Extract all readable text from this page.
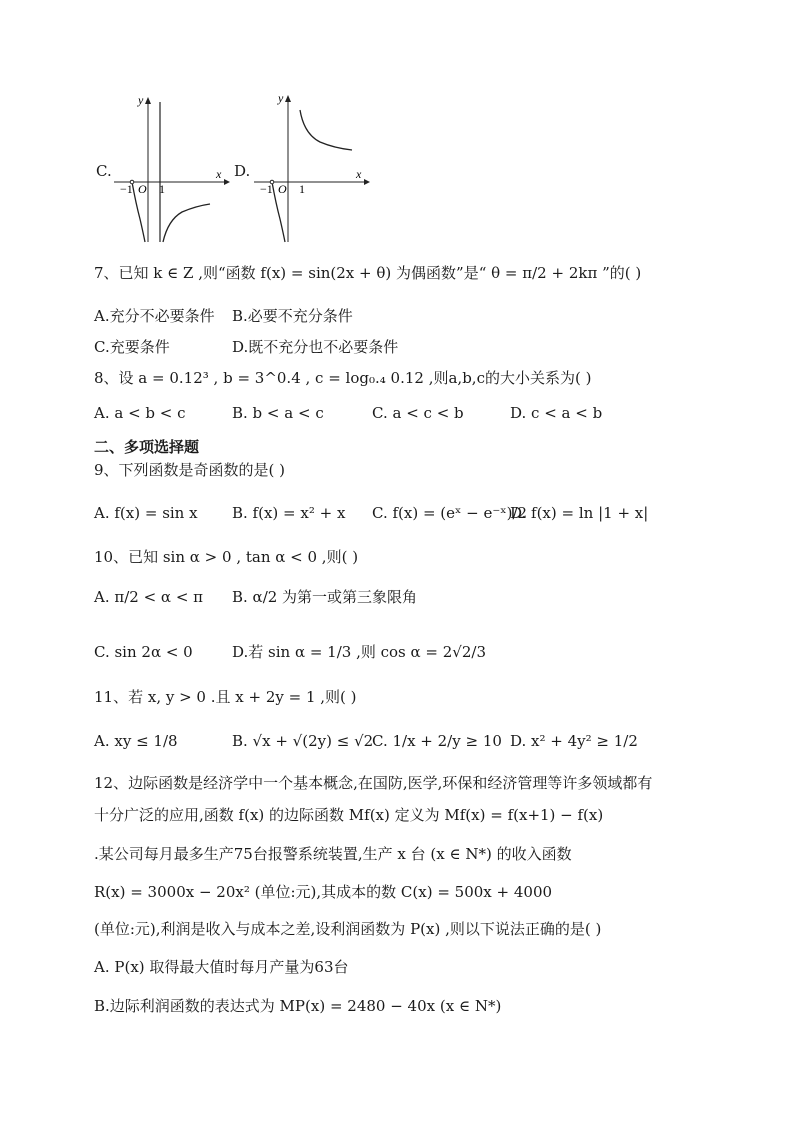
C.
y
x
O
−1 1
D.
y
x
O
−1 1
7、已知 k ∈ Z ,则“函数 f(x) = sin(2x + θ) 为偶函数”是“ θ = π/2 + 2kπ ”的( )
A.充分不必要条件 B.必要不充分条件
C.充要条件	D.既不充分也不必要条件
8、设 a = 0.12³ , b = 3^0.4 , c = log₀.₄ 0.12 ,则a,b,c的大小关系为( )
A. a < b < c	B. b < a < c	C. a < c < b	D. c < a < b
二、多项选择题
9、下列函数是奇函数的是( )
A. f(x) = sin x B. f(x) = x² + x C. f(x) = (eˣ − e⁻ˣ)/2
D. f(x) = ln |1 + x|
10、已知 sin α > 0 , tan α < 0 ,则( )
A. π/2 < α < π B. α/2 为第一或第三象限角
C. sin 2α < 0	D.若 sin α = 1/3 ,则 cos α = 2√2/3
11、若 x, y > 0 .且 x + 2y = 1 ,则( )
A. xy ≤ 1/8	B. √x + √(2y) ≤ √2
C. 1/x + 2/y ≥ 10 D. x² + 4y² ≥ 1/2
12、边际函数是经济学中一个基本概念,在国防,医学,环保和经济管理等许多领域都有
十分广泛的应用,函数 f(x) 的边际函数 Mf(x) 定义为 Mf(x) = f(x+1) − f(x)
.某公司每月最多生产75台报警系统装置,生产 x 台 (x ∈ N*) 的收入函数
R(x) = 3000x − 20x² (单位:元),其成本的数 C(x) = 500x + 4000
(单位:元),利润是收入与成本之差,设利润函数为 P(x) ,则以下说法正确的是( )
A. P(x) 取得最大值时每月产量为63台
B.边际利润函数的表达式为 MP(x) = 2480 − 40x (x ∈ N*)
